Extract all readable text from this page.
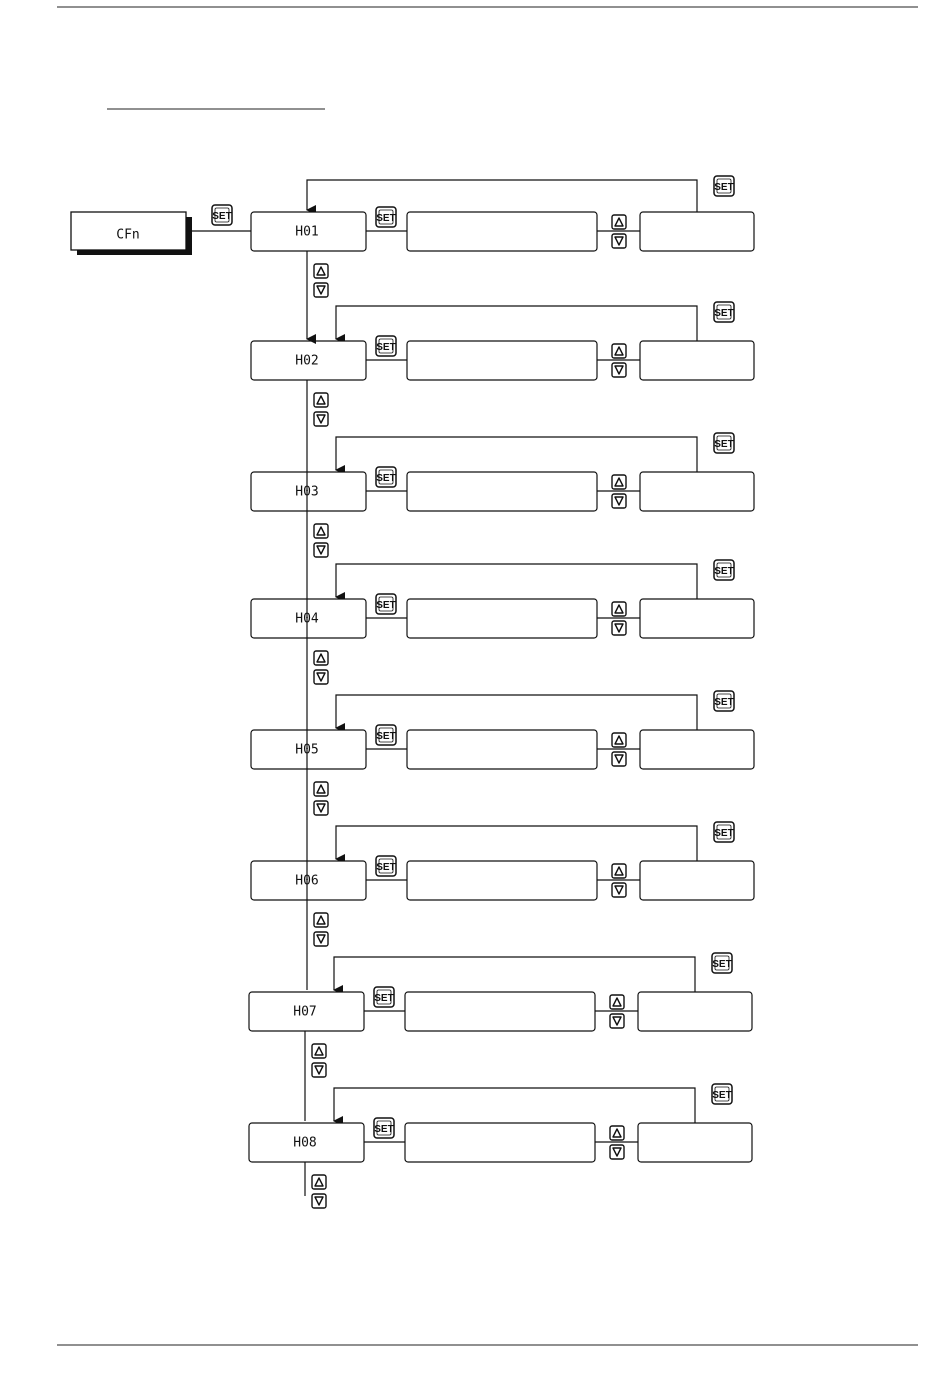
CFn
SET
H01
SET
SET
H02
SET
SET
H03
SET
SET
H04
SET
SET
H05
SET
SET
H06
SET
SET
H07
SET
SET
H08
SET
SET
